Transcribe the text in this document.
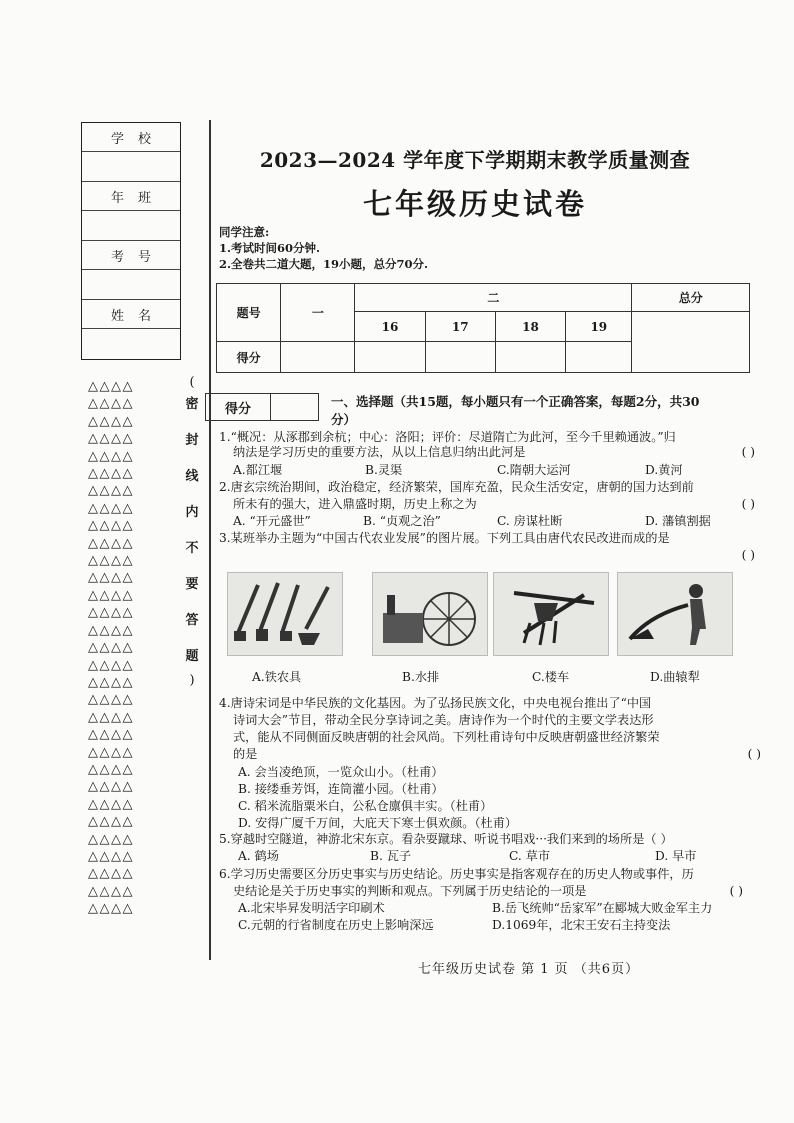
学校
年班
考号
姓名
△△△△
△△△△
△△△△
△△△△
△△△△
△△△△
△△△△
△△△△
△△△△
△△△△
△△△△
△△△△
△△△△
△△△△
△△△△
△△△△
△△△△
△△△△
△△△△
△△△△
△△△△
△△△△
△△△△
△△△△
△△△△
△△△△
△△△△
△△△△
△△△△
△△△△
△△△△
(
密
封
线
内
不
要
答
题
)
2023—2024 学年度下学期期末教学质量测查
七年级历史试卷
同学注意:
1.考试时间60分钟.
2.全卷共二道大题，19小题，总分70分.
题号	一	二				总分
		16	17	18	19	
得分						
得分	一、选择题（共15题，每小题只有一个正确答案，每题2分，共30
分）
1.“概况：从涿郡到余杭；中心：洛阳；评价：尽道隋亡为此河，至今千里赖通波。”归
纳法是学习历史的重要方法，从以上信息归纳出此河是	( )
A.都江堰	B.灵渠	C.隋朝大运河	D.黄河
2.唐玄宗统治期间，政治稳定，经济繁荣，国库充盈，民众生活安定，唐朝的国力达到前
所未有的强大，进入鼎盛时期，历史上称之为	( )
A. “开元盛世”	B. “贞观之治”	C. 房谋杜断	D. 藩镇割据
3.某班举办主题为“中国古代农业发展”的图片展。下列工具由唐代农民改进而成的是
( )
A.铁农具	B.水排	C.楼车	D.曲辕犁
4.唐诗宋词是中华民族的文化基因。为了弘扬民族文化，中央电视台推出了“中国
诗词大会”节目，带动全民分享诗词之美。唐诗作为一个时代的主要文学表达形
式，能从不同侧面反映唐朝的社会风尚。下列杜甫诗句中反映唐朝盛世经济繁荣
的是	( )
A. 会当凌绝顶，一览众山小。（杜甫）
B. 接缕垂芳饵，连筒灌小园。（杜甫）
C. 稻米流脂粟米白，公私仓廪俱丰实。（杜甫）
D. 安得广厦千万间，大庇天下寒士俱欢颜。（杜甫）
5.穿越时空隧道，神游北宋东京。看杂耍蹴球、听说书唱戏···我们来到的场所是（ ）
A. 鹤场	B. 瓦子	C. 草市	D. 早市
6.学习历史需要区分历史事实与历史结论。历史事实是指客观存在的历史人物或事件，历
史结论是关于历史事实的判断和观点。下列属于历史结论的一项是	( )
A.北宋毕昇发明活字印刷术	B.岳飞统帅“岳家军”在郾城大败金军主力
C.元朝的行省制度在历史上影响深远	D.1069年，北宋王安石主持变法
七年级历史试卷 第 1 页 （共6页）
